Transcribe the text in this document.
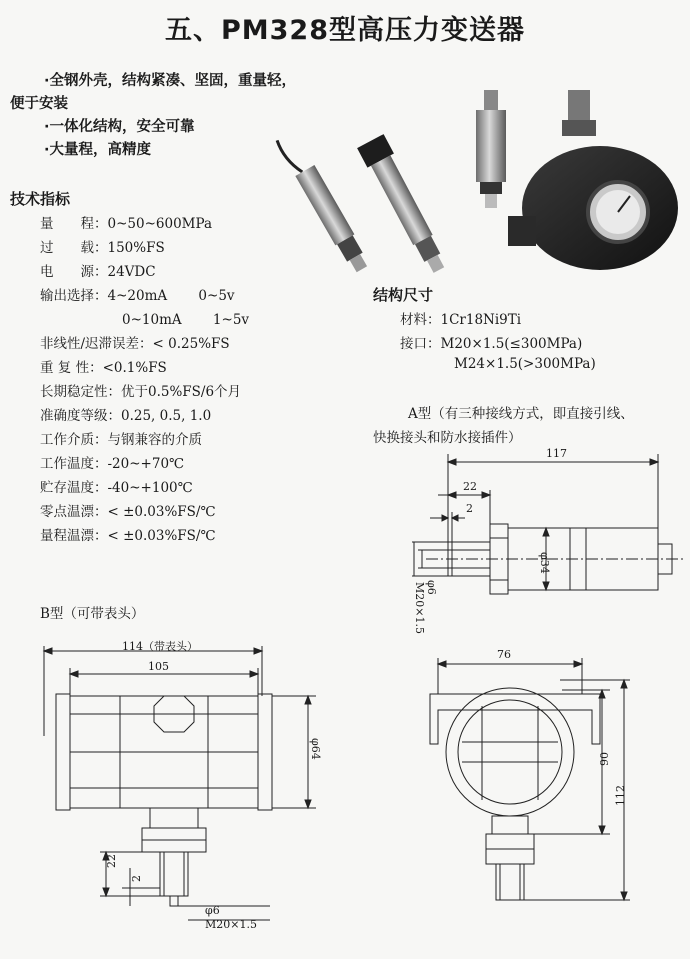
五、PM328型高压力变送器
·全钢外壳，结构紧凑、坚固，重量轻，
便于安装
·一体化结构，安全可靠
·大量程，高精度
技术指标
量　　程：0~50~600MPa
过　　载：150%FS
电　　源：24VDC
输出选择：4~20mA　　 0~5v
0~10mA　　 1~5v
非线性/迟滞误差：< 0.25%FS
重 复 性：<0.1%FS
长期稳定性：优于0.5%FS/6个月
准确度等级：0.25, 0.5, 1.0
工作介质：与钢兼容的介质
工作温度：-20~+70℃
贮存温度：-40~+100℃
零点温漂：< ±0.03%FS/℃
量程温漂：< ±0.03%FS/℃
结构尺寸
材料：1Cr18Ni9Ti
接口：M20×1.5(≤300MPa)
M24×1.5(>300MPa)
A型（有三种接线方式，即直接引线、
快换接头和防水接插件）
117
22
2
φ34
φ6
M20×1.5
B型（可带表头）
114（带表头）
105
φ64
22
2
φ6
M20×1.5
76
90
112
